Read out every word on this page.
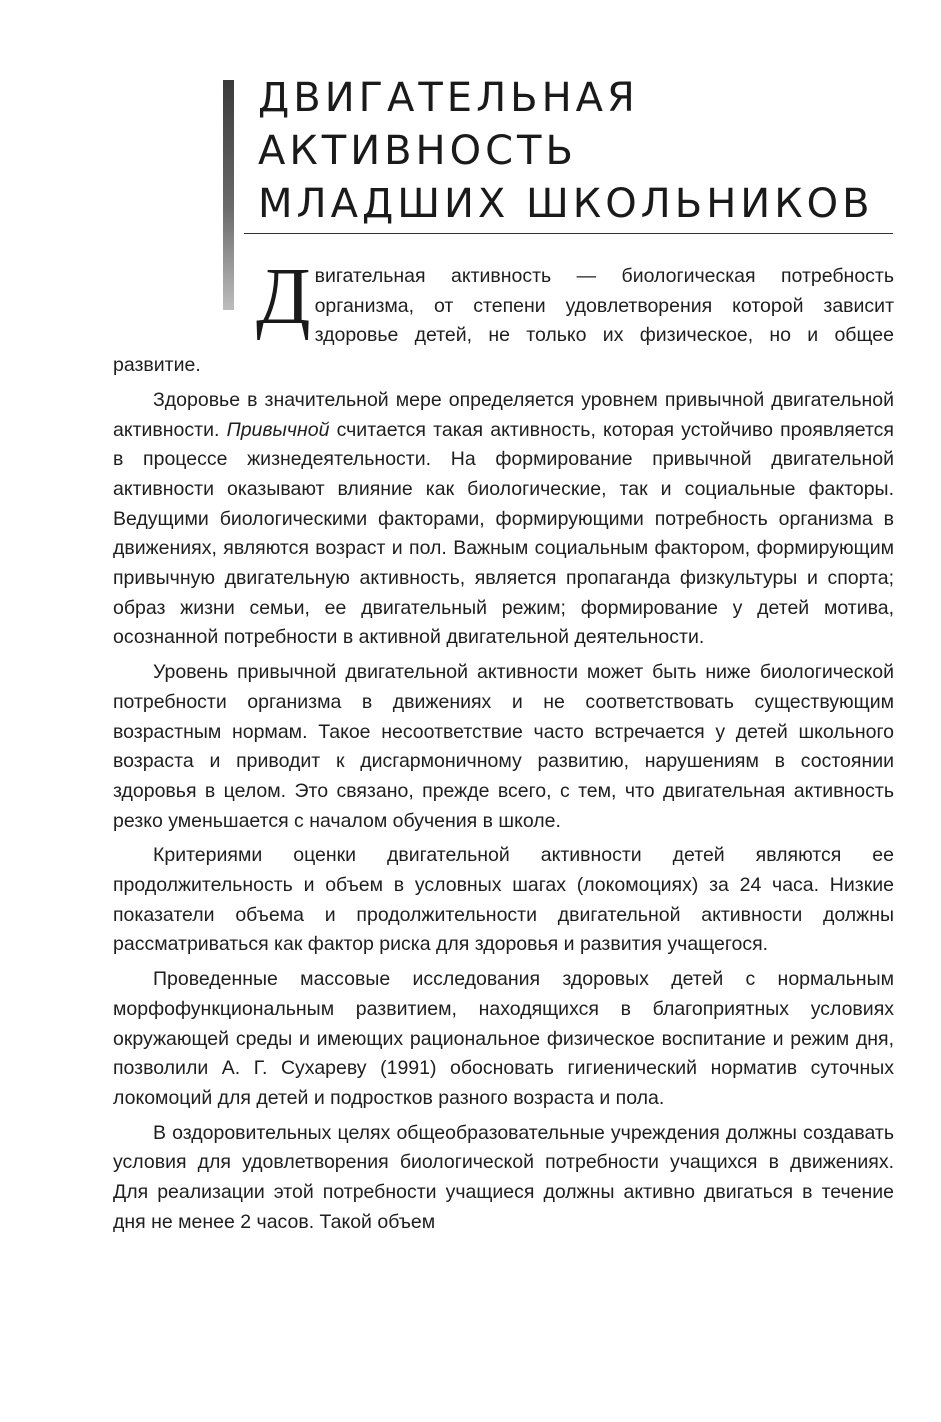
ДВИГАТЕЛЬНАЯ
АКТИВНОСТЬ
МЛАДШИХ ШКОЛЬНИКОВ

Двигательная активность — биологическая потребность организма, от степени удовлетворения которой зависит здоровье детей, не только их физическое, но и общее развитие.

Здоровье в значительной мере определяется уровнем привычной двигательной активности. Привычной считается такая активность, которая устойчиво проявляется в процессе жизнедеятельности. На формирование привычной двигательной активности оказывают влияние как биологические, так и социальные факторы. Ведущими биологическими факторами, формирующими потребность организма в движениях, являются возраст и пол. Важным социальным фактором, формирующим привычную двигательную активность, является пропаганда физкультуры и спорта; образ жизни семьи, ее двигательный режим; формирование у детей мотива, осознанной потребности в активной двигательной деятельности.

Уровень привычной двигательной активности может быть ниже биологической потребности организма в движениях и не соответствовать существующим возрастным нормам. Такое несоответствие часто встречается у детей школьного возраста и приводит к дисгармоничному развитию, нарушениям в состоянии здоровья в целом. Это связано, прежде всего, с тем, что двигательная активность резко уменьшается с началом обучения в школе.

Критериями оценки двигательной активности детей являются ее продолжительность и объем в условных шагах (локомоциях) за 24 часа. Низкие показатели объема и продолжительности двигательной активности должны рассматриваться как фактор риска для здоровья и развития учащегося.

Проведенные массовые исследования здоровых детей с нормальным морфофункциональным развитием, находящихся в благоприятных условиях окружающей среды и имеющих рациональное физическое воспитание и режим дня, позволили А. Г. Сухареву (1991) обосновать гигиенический норматив суточных локомоций для детей и подростков разного возраста и пола.

В оздоровительных целях общеобразовательные учреждения должны создавать условия для удовлетворения биологической потребности учащихся в движениях. Для реализации этой потребности учащиеся должны активно двигаться в течение дня не менее 2 часов. Такой объем
